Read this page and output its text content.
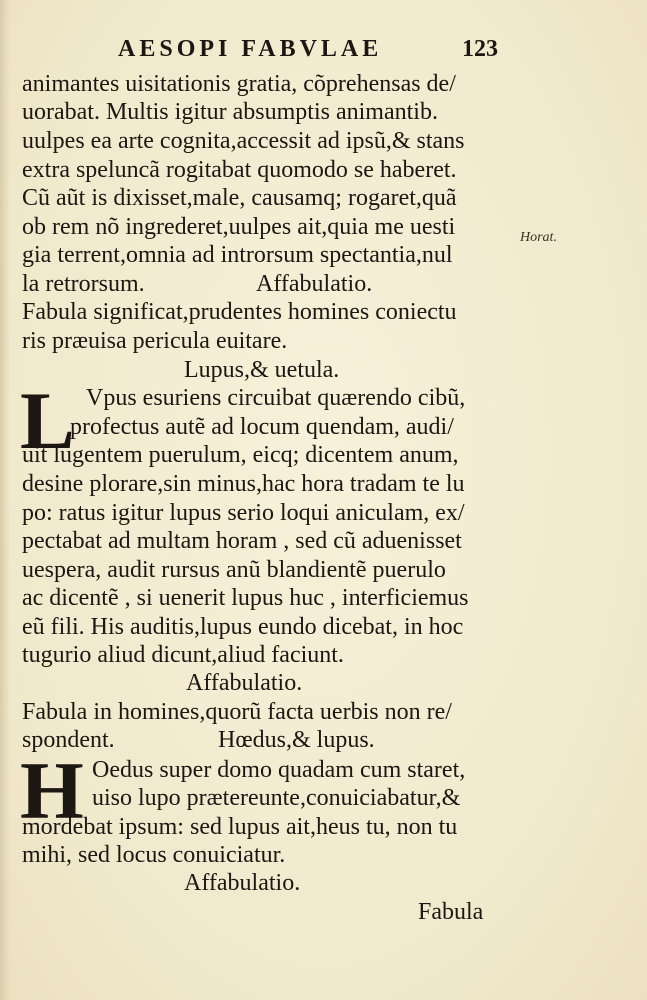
AESOPI FABVLAE	123
Horat.
animantes uisitationis gratia, cõprehensas de/
uorabat. Multis igitur absumptis animantib.
uulpes ea arte cognita,accessit ad ipsũ,& stans
extra speluncã rogitabat quomodo se haberet.
Cũ aũt is dixisset,male, causamq; rogaret,quã
ob rem nõ ingrederet,uulpes ait,quia me uesti
gia terrent,omnia ad introrsum spectantia,nul
la retrorsum.	Affabulatio.
Fabula significat,prudentes homines coniectu
ris præuisa pericula euitare.
Lupus,& uetula.
L Vpus esuriens circuibat quærendo cibũ,
profectus autẽ ad locum quendam, audi/
uit lugentem puerulum, eicq; dicentem anum,
desine plorare,sin minus,hac hora tradam te lu
po: ratus igitur lupus serio loqui aniculam, ex/
pectabat ad multam horam , sed cũ aduenisset
uespera, audit rursus anũ blandientẽ puerulo
ac dicentẽ , si uenerit lupus huc , interficiemus
eũ fili. His auditis,lupus eundo dicebat, in hoc
tugurio aliud dicunt,aliud faciunt.
Affabulatio.
Fabula in homines,quorũ facta uerbis non re/
spondent.	Hœdus,& lupus.
H Oedus super domo quadam cum staret,
uiso lupo prætereunte,conuiciabatur,&
mordebat ipsum: sed lupus ait,heus tu, non tu
mihi, sed locus conuiciatur.
Affabulatio.
Fabula
